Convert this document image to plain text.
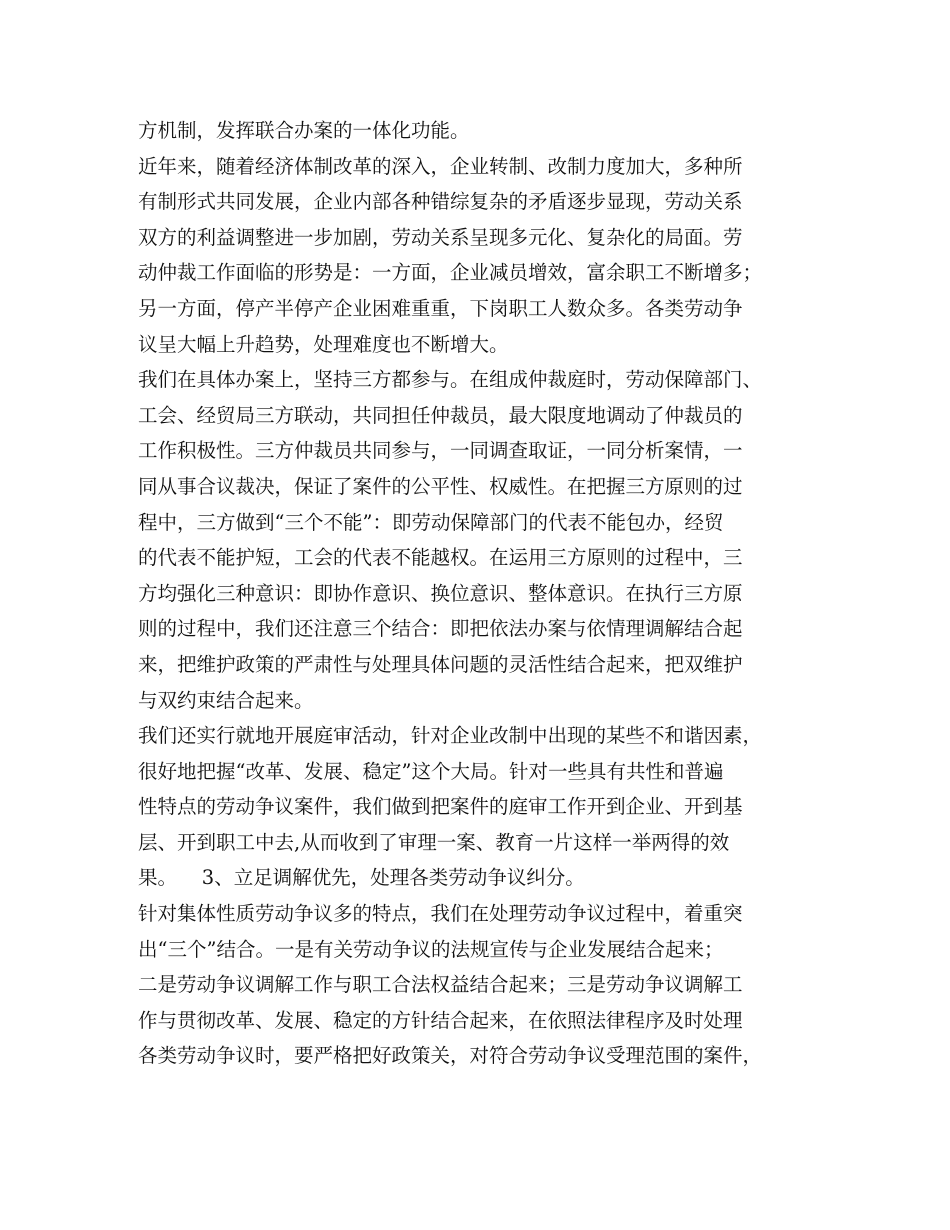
方机制，发挥联合办案的一体化功能。
近年来，随着经济体制改革的深入，企业转制、改制力度加大，多种所
有制形式共同发展，企业内部各种错综复杂的矛盾逐步显现，劳动关系
双方的利益调整进一步加剧，劳动关系呈现多元化、复杂化的局面。劳
动仲裁工作面临的形势是：一方面，企业减员增效，富余职工不断增多；
另一方面，停产半停产企业困难重重，下岗职工人数众多。各类劳动争
议呈大幅上升趋势，处理难度也不断增大。
我们在具体办案上，坚持三方都参与。在组成仲裁庭时，劳动保障部门、
工会、经贸局三方联动，共同担任仲裁员，最大限度地调动了仲裁员的
工作积极性。三方仲裁员共同参与，一同调查取证，一同分析案情，一
同从事合议裁决，保证了案件的公平性、权威性。在把握三方原则的过
程中，三方做到“三个不能”：即劳动保障部门的代表不能包办，经贸
的代表不能护短，工会的代表不能越权。在运用三方原则的过程中，三
方均强化三种意识：即协作意识、换位意识、整体意识。在执行三方原
则的过程中，我们还注意三个结合：即把依法办案与依情理调解结合起
来，把维护政策的严肃性与处理具体问题的灵活性结合起来，把双维护
与双约束结合起来。
我们还实行就地开展庭审活动，针对企业改制中出现的某些不和谐因素，
很好地把握“改革、发展、稳定”这个大局。针对一些具有共性和普遍
性特点的劳动争议案件，我们做到把案件的庭审工作开到企业、开到基
层、开到职工中去,从而收到了审理一案、教育一片这样一举两得的效
果。    3、立足调解优先，处理各类劳动争议纠分。
针对集体性质劳动争议多的特点，我们在处理劳动争议过程中，着重突
出“三个”结合。一是有关劳动争议的法规宣传与企业发展结合起来；
二是劳动争议调解工作与职工合法权益结合起来；三是劳动争议调解工
作与贯彻改革、发展、稳定的方针结合起来，在依照法律程序及时处理
各类劳动争议时，要严格把好政策关，对符合劳动争议受理范围的案件，
